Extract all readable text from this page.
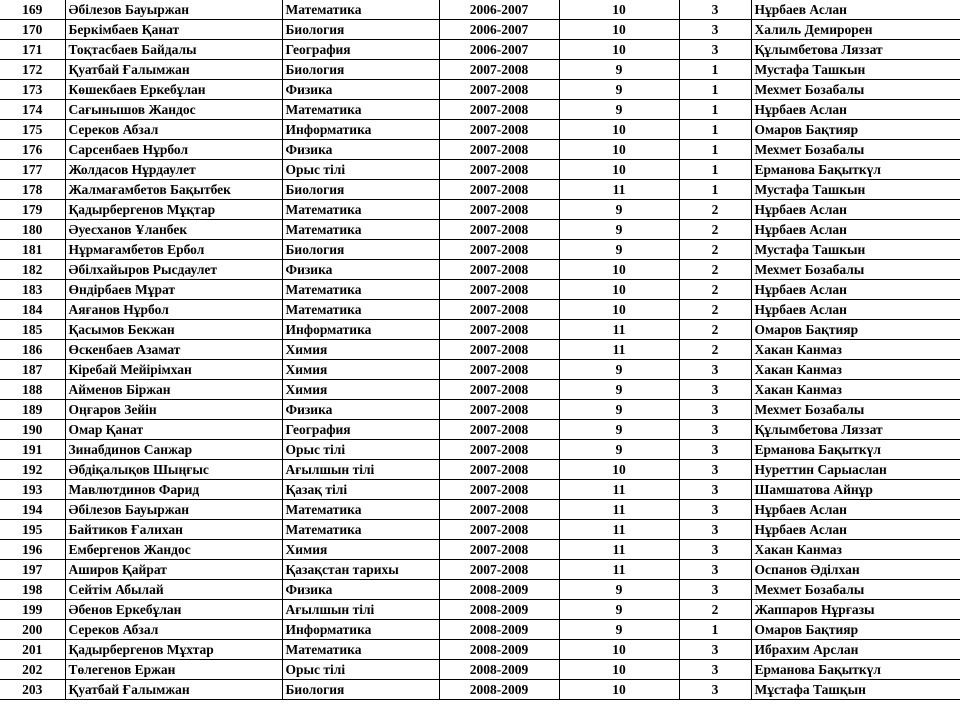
169	Әбілезов Бауыржан	Математика	2006-2007	10	3	Нұрбаев Аслан
170	Беркімбаев Қанат	Биология	2006-2007	10	3	Халиль Демирорен
171	Тоқтасбаев Байдалы	География	2006-2007	10	3	Құлымбетова Ляззат
172	Қуатбай Ғалымжан	Биология	2007-2008	9	1	Мустафа Ташкын
173	Көшекбаев Еркебұлан	Физика	2007-2008	9	1	Мехмет Бозабалы
174	Сағынышов Жандос	Математика	2007-2008	9	1	Нұрбаев Аслан
175	Сереков Абзал	Информатика	2007-2008	10	1	Омаров Бақтияр
176	Сарсенбаев Нұрбол	Физика	2007-2008	10	1	Мехмет Бозабалы
177	Жолдасов Нұрдаулет	Орыс тілі	2007-2008	10	1	Ерманова Бақыткүл
178	Жалмағамбетов Бақытбек	Биология	2007-2008	11	1	Мустафа Ташкын
179	Қадырбергенов Мұқтар	Математика	2007-2008	9	2	Нұрбаев Аслан
180	Әуесханов Ұланбек	Математика	2007-2008	9	2	Нұрбаев Аслан
181	Нұрмағамбетов Ербол	Биология	2007-2008	9	2	Мустафа Ташкын
182	Әбілхайыров Рысдаулет	Физика	2007-2008	10	2	Мехмет Бозабалы
183	Өндірбаев Мұрат	Математика	2007-2008	10	2	Нұрбаев Аслан
184	Аяғанов Нұрбол	Математика	2007-2008	10	2	Нұрбаев Аслан
185	Қасымов Бекжан	Информатика	2007-2008	11	2	Омаров Бақтияр
186	Өскенбаев Азамат	Химия	2007-2008	11	2	Хакан Канмаз
187	Кіребай Мейірімхан	Химия	2007-2008	9	3	Хакан Канмаз
188	Айменов Біржан	Химия	2007-2008	9	3	Хакан Канмаз
189	Оңғаров Зейін	Физика	2007-2008	9	3	Мехмет Бозабалы
190	Омар Қанат	География	2007-2008	9	3	Құлымбетова Ляззат
191	Зинабдинов Санжар	Орыс тілі	2007-2008	9	3	Ерманова Бақыткүл
192	Әбдіқалықов Шыңғыс	Ағылшын тілі	2007-2008	10	3	Нуреттин Сарыаслан
193	Мавлютдинов Фарид	Қазақ тілі	2007-2008	11	3	Шамшатова Айнұр
194	Әбілезов Бауыржан	Математика	2007-2008	11	3	Нұрбаев Аслан
195	Байтиков Ғалихан	Математика	2007-2008	11	3	Нұрбаев Аслан
196	Ембергенов Жандос	Химия	2007-2008	11	3	Хакан Канмаз
197	Аширов Қайрат	Қазақстан тарихы	2007-2008	11	3	Оспанов Әділхан
198	Сейтім Абылай	Физика	2008-2009	9	3	Мехмет Бозабалы
199	Әбенов Еркебұлан	Ағылшын тілі	2008-2009	9	2	Жаппаров Нұрғазы
200	Сереков Абзал	Информатика	2008-2009	9	1	Омаров Бақтияр
201	Қадырбергенов Мұхтар	Математика	2008-2009	10	3	Ибрахим Арслан
202	Төлегенов Ержан	Орыс тілі	2008-2009	10	3	Ерманова Бақыткүл
203	Қуатбай Ғалымжан	Биология	2008-2009	10	3	Мұстафа Ташқын
